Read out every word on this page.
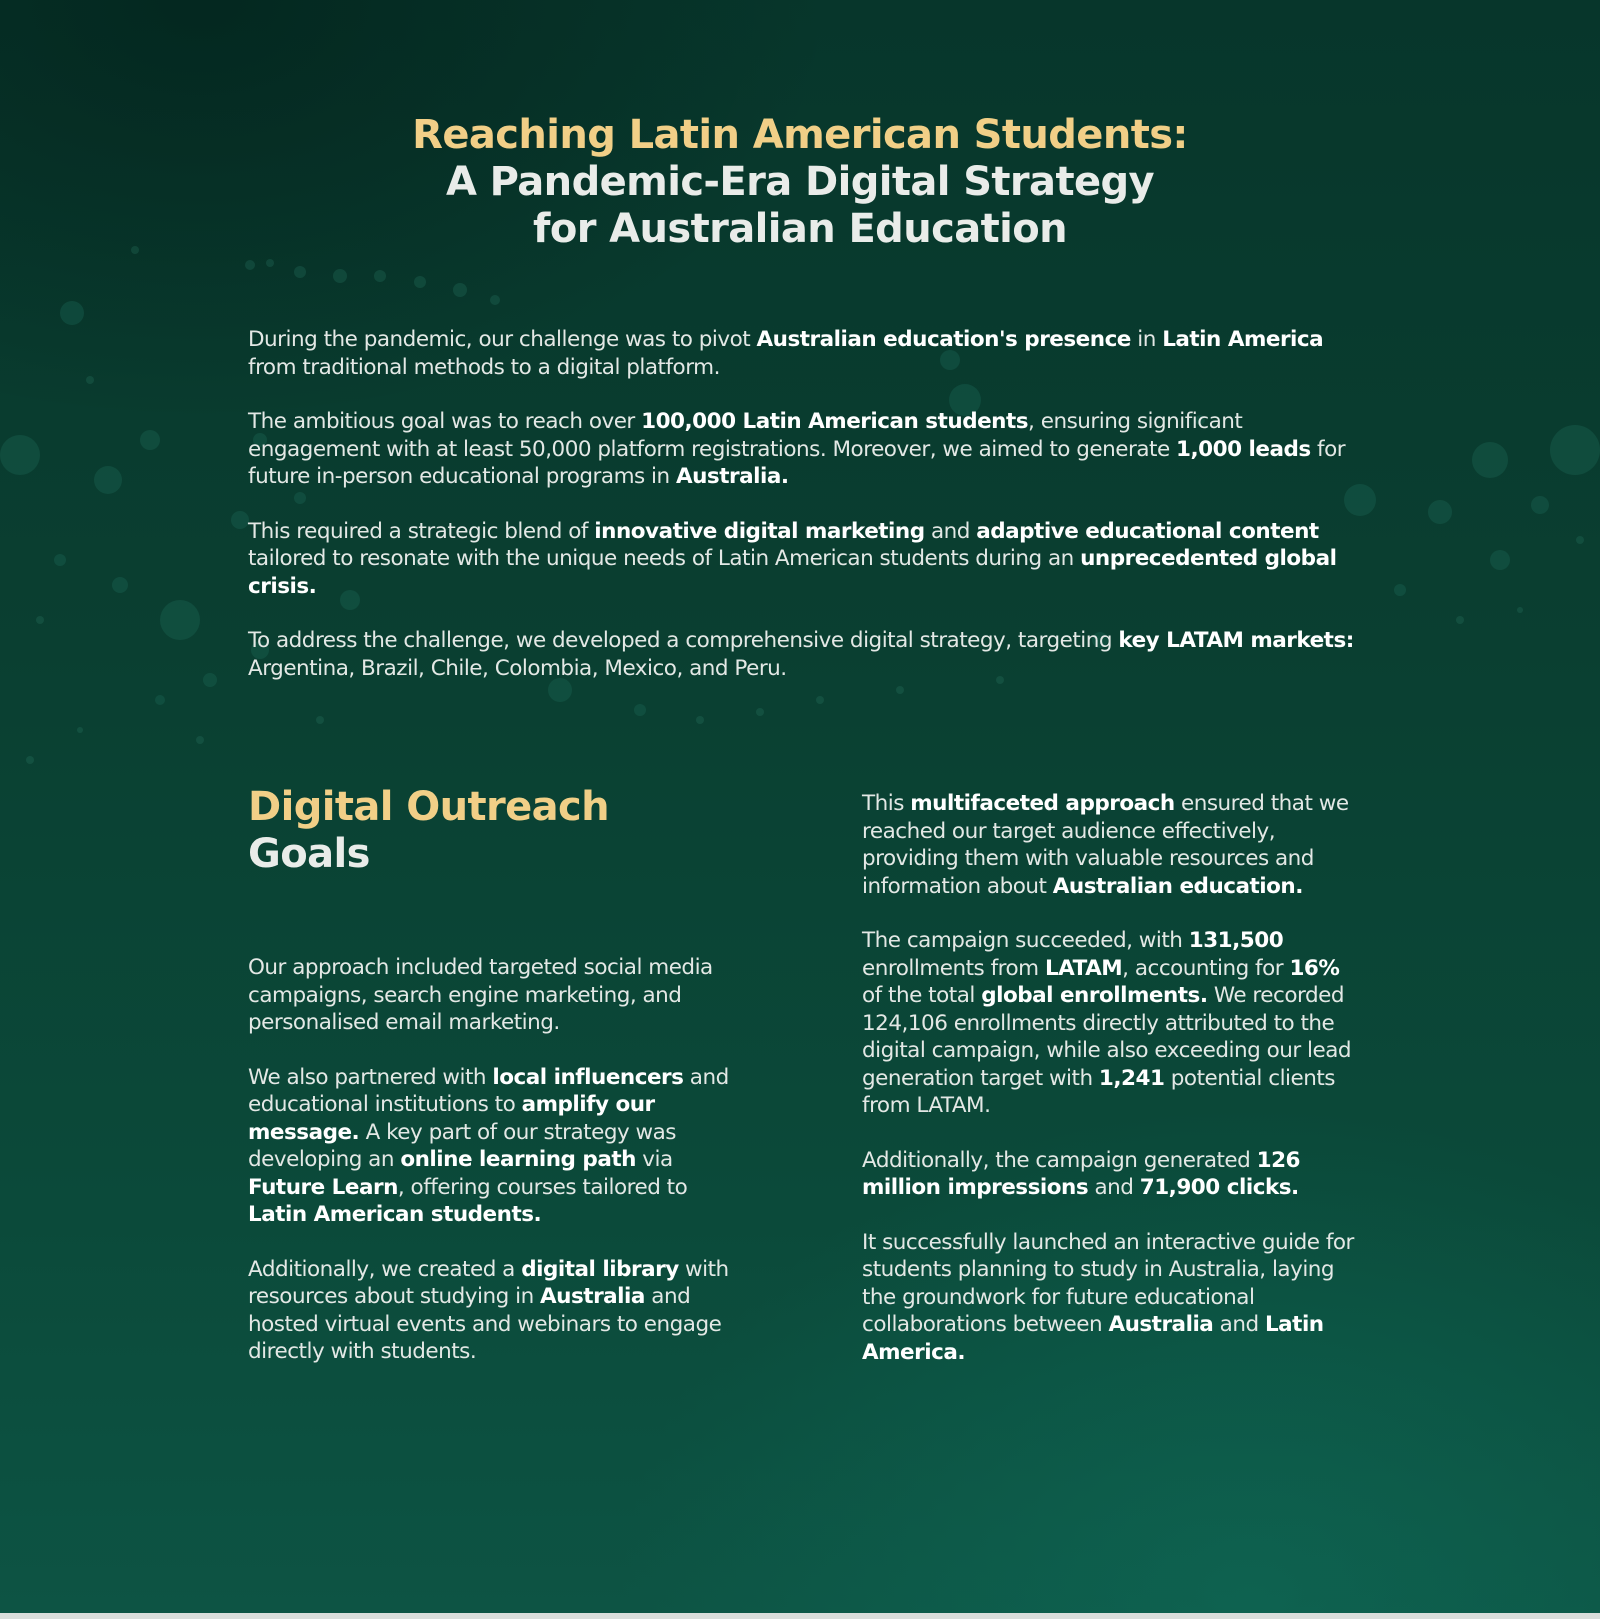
Reaching Latin American Students:
A Pandemic-Era Digital Strategy
for Australian Education

During the pandemic, our challenge was to pivot Australian education's presence in Latin America from traditional methods to a digital platform.

The ambitious goal was to reach over 100,000 Latin American students, ensuring significant engagement with at least 50,000 platform registrations. Moreover, we aimed to generate 1,000 leads for future in-person educational programs in Australia.

This required a strategic blend of innovative digital marketing and adaptive educational content tailored to resonate with the unique needs of Latin American students during an unprecedented global crisis.

To address the challenge, we developed a comprehensive digital strategy, targeting key LATAM markets: Argentina, Brazil, Chile, Colombia, Mexico, and Peru.

Digital Outreach
Goals

Our approach included targeted social media campaigns, search engine marketing, and personalised email marketing.

We also partnered with local influencers and educational institutions to amplify our message. A key part of our strategy was developing an online learning path via Future Learn, offering courses tailored to Latin American students.

Additionally, we created a digital library with resources about studying in Australia and hosted virtual events and webinars to engage directly with students.

This multifaceted approach ensured that we reached our target audience effectively, providing them with valuable resources and information about Australian education.

The campaign succeeded, with 131,500 enrollments from LATAM, accounting for 16% of the total global enrollments. We recorded 124,106 enrollments directly attributed to the digital campaign, while also exceeding our lead generation target with 1,241 potential clients from LATAM.

Additionally, the campaign generated 126 million impressions and 71,900 clicks.

It successfully launched an interactive guide for students planning to study in Australia, laying the groundwork for future educational collaborations between Australia and Latin America.
